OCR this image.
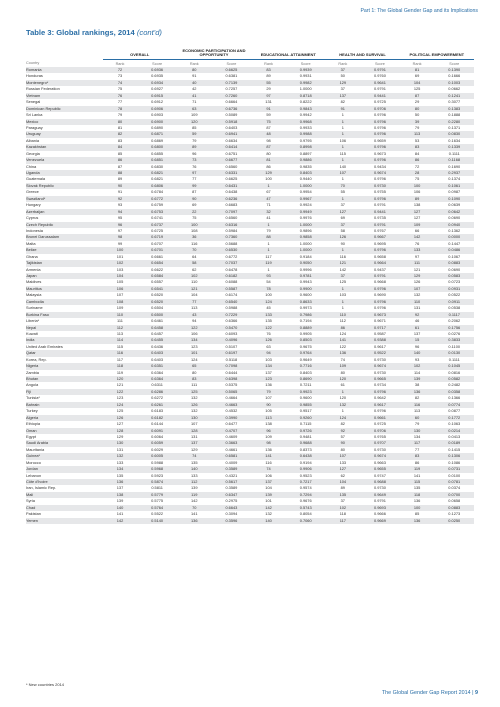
Part 1: The Global Gender Gap and its Implications
Table 3: Global rankings, 2014 (cont'd)
	OVERALL		ECONOMIC PARTICIPATION AND OPPORTUNITY		EDUCATIONAL ATTAINMENT		HEALTH AND SURVIVAL		POLITICAL EMPOWERMENT	
Country	Rank	Score	Rank	Score	Rank	Score	Rank	Score	Rank	Score
Romania	72	0.6936	80	0.6625	83	0.9939	37	0.9791	81	0.1390
Honduras	73	0.6935	91	0.6381	89	0.9931	50	0.9760	69	0.1666
Montenegro*	74	0.6934	40	0.7139	55	0.9982	129	0.9641	104	0.1003
Russian Federation	75	0.6927	42	0.7257	29	1.0000	37	0.9791	125	0.0662
Vietnam	76	0.6915	41	0.7260	97	0.8718	137	0.9441	87	0.1241
Senegal	77	0.6912	71	0.6664	131	0.8222	82	0.9725	29	0.3077
Dominican Republic	78	0.6906	63	0.6736	91	0.9843	91	0.9706	80	0.1383
Sri Lanka	79	0.6903	109	0.5089	59	0.9942	1	0.9796	50	0.1888
Mexico	80	0.6900	120	0.5918	75	0.9968	1	0.9796	39	0.2280
Paraguay	81	0.6890	85	0.6403	87	0.9933	1	0.9796	79	0.1371
Uruguay	82	0.6871	59	0.6941	48	0.9988	1	0.9796	113	0.0830
Albania	83	0.6869	79	0.6634	98	0.9795	106	0.9659	53	0.1634
Kazakhstan	84	0.6800	89	0.6414	87	0.8998	1	0.9796	83	0.1339
Georgia	85	0.6855	96	0.6751	80	0.8897	115	0.9673	84	0.1111
Venezuela	86	0.6851	73	0.6677	81	0.9886	1	0.9796	86	0.1168
China	87	0.6830	76	0.6560	86	0.9835	140	0.9434	72	0.1690
Uganda	88	0.6821	97	0.6331	129	0.8403	107	0.9674	28	0.2937
Guatemala	89	0.6821	77	0.6625	100	0.9440	1	0.9796	75	0.1374
Slovak Republic	90	0.6806	99	0.6431	1	1.0000	70	0.9730	100	0.1061
Greece	91	0.6784	87	0.6438	67	0.9954	55	0.9755	106	0.0987
Swaziland*	92	0.6772	90	0.6236	47	0.9967	1	0.9796	89	0.1090
Hungary	93	0.6759	69	0.6683	71	0.9924	37	0.9791	138	0.0639
Azerbaijan	94	0.6753	22	0.7097	32	0.9949	127	0.9441	127	0.0642
Cyprus	95	0.6741	75	0.6560	41	0.9976	69	0.9735	127	0.0690
Czech Republic	96	0.6737	100	0.6316	1	1.0000	37	0.9791	109	0.0940
Indonesia	97	0.6725	108	0.5984	79	0.9896	58	0.9767	66	0.1362
Brunei Darussalam	98	0.6719	36	0.7360	88	0.9858	126	0.9667	142	0.0000
Malta	99	0.6707	116	0.5688	1	1.0000	90	0.9695	76	0.1447
Belize	100	0.6701	70	0.6530	1	1.0000	1	0.9796	133	0.0486
Ghana	101	0.6661	64	0.6772	117	0.9184	116	0.9658	97	0.1067
Tajikistan	102	0.6654	58	0.7037	119	0.9050	121	0.9664	111	0.0883
Armenia	103	0.6622	62	0.6478	1	0.9996	142	0.9437	121	0.0690
Japan	104	0.6584	102	0.6182	93	0.9781	37	0.9791	129	0.0583
Maldives	105	0.6557	110	0.6088	54	0.9943	125	0.9668	126	0.0723
Mauritius	106	0.6541	121	0.5587	78	0.9900	1	0.9796	107	0.0931
Malaysia	107	0.6520	104	0.6174	100	0.9600	103	0.9690	132	0.0522
Cambodia	108	0.6520	77	0.6540	124	0.8633	1	0.9796	110	0.0911
Suriname	109	0.6504	113	0.5988	45	0.9973	1	0.9796	131	0.0538
Burkina Faso	110	0.6500	43	0.7229	133	0.7986	110	0.9673	92	0.1117
Liberia*	111	0.6461	94	0.6366	135	0.7194	112	0.9671	46	0.2062
Nepal	112	0.6458	122	0.5470	122	0.8889	86	0.9717	61	0.1756
Kuwait	113	0.6457	106	0.6093	76	0.9905	124	0.9587	137	0.0276
India	114	0.6455	134	0.4096	126	0.8503	141	0.9388	15	0.3833
United Arab Emirates	115	0.6436	123	0.5107	63	0.9675	122	0.9617	96	0.1100
Qatar	116	0.6403	101	0.6197	94	0.9764	136	0.9522	140	0.0130
Korea, Rep.	117	0.6403	124	0.5118	103	0.9649	74	0.9730	93	0.1111
Nigeria	118	0.6351	65	0.7098	134	0.7716	109	0.9674	102	0.1045
Zambia	119	0.6364	80	0.6444	137	0.8403	80	0.9730	114	0.0816
Bhutan	120	0.6364	83	0.6398	123	0.8690	120	0.9665	139	0.0582
Angola	121	0.6311	111	0.5375	136	0.7211	61	0.9734	38	0.2482
Fiji	122	0.6286	125	0.5065	79	0.9923	1	0.9796	136	0.0358
Tunisia*	123	0.6272	132	0.4664	107	0.9600	120	0.9642	82	0.1366
Bahrain	124	0.6261	126	0.4663	90	0.9855	132	0.9617	116	0.0774
Turkey	125	0.6183	132	0.4532	105	0.9517	1	0.9796	113	0.0877
Algeria	126	0.6182	130	0.3990	113	0.9260	124	0.9661	60	0.1772
Ethiopia	127	0.6144	107	0.6477	138	0.7115	82	0.9725	79	0.1063
Oman	128	0.6091	128	0.4707	96	0.9726	92	0.9706	130	0.0214
Egypt	129	0.6064	131	0.4609	109	0.9481	57	0.9765	134	0.0413
Saudi Arabia	130	0.6059	137	0.3663	98	0.9688	90	0.9707	117	0.0189
Mauritania	131	0.6029	129	0.4661	136	0.8373	80	0.9730	77	0.1415
Guinea*	132	0.6005	74	0.6581	141	0.6438	107	0.9674	83	0.1306
Morocco	133	0.5988	135	0.4009	116	0.9194	133	0.9663	86	0.1086
Jordan	134	0.5968	140	0.3589	74	0.9906	127	0.9655	119	0.0731
Lebanon	135	0.5923	133	0.4321	106	0.9523	62	0.9747	141	0.0100
Côte d'Ivoire	136	0.5874	112	0.5617	137	0.7217	104	0.9688	115	0.0781
Iran, Islamic Rep.	137	0.5811	139	0.3589	104	0.9574	89	0.9730	135	0.0374
Mali	138	0.5779	119	0.6347	139	0.7294	135	0.9649	118	0.0700
Syria	139	0.5775	142	0.2975	101	0.9676	37	0.9791	136	0.0658
Chad	140	0.5764	70	0.6643	142	0.5743	102	0.9693	100	0.0883
Pakistan	141	0.5522	141	0.3094	132	0.8054	118	0.9666	85	0.1273
Yemen	142	0.5140	136	0.3596	140	0.7060	117	0.9669	136	0.0250
* New countries 2014
The Global Gender Gap Report 2014 | 9
